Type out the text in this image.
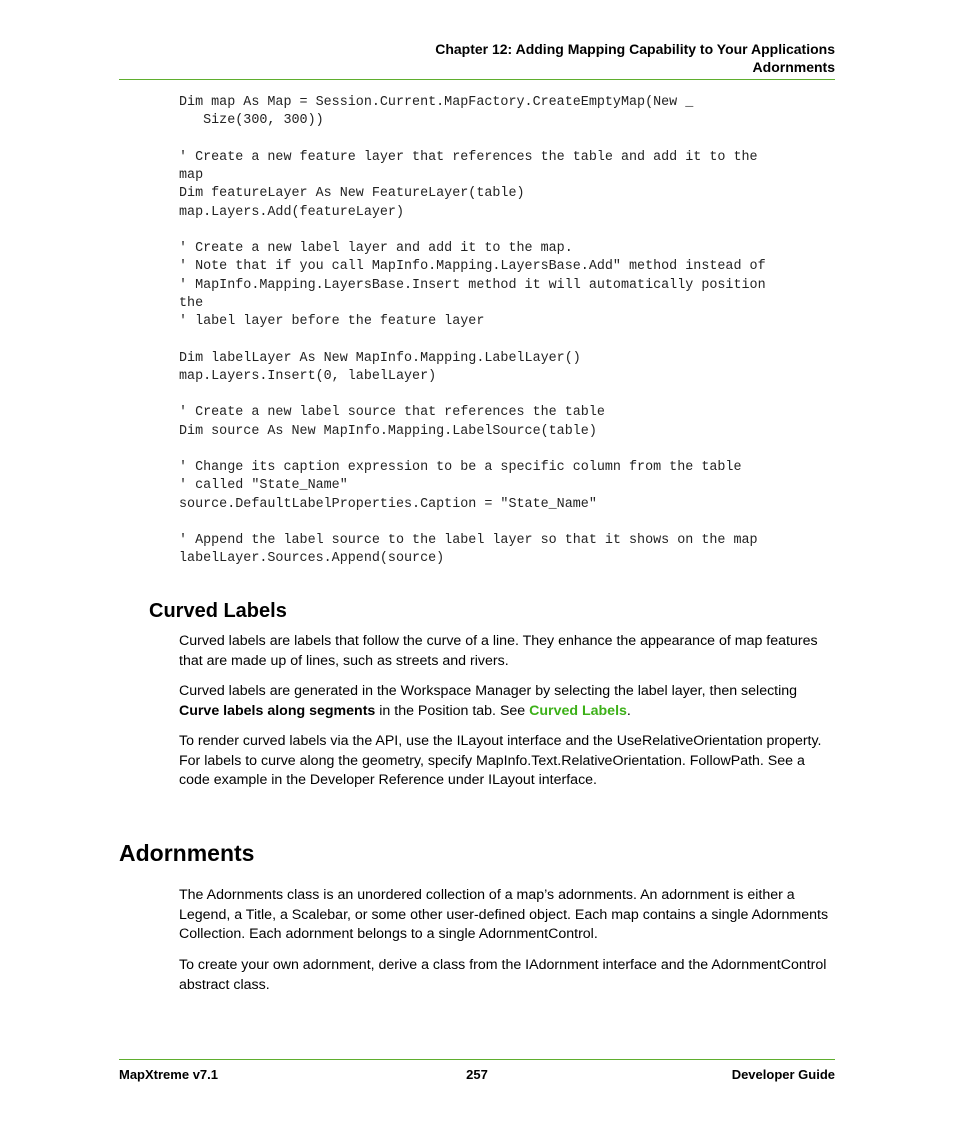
Chapter 12: Adding Mapping Capability to Your Applications
Adornments
Dim map As Map = Session.Current.MapFactory.CreateEmptyMap(New _
Size(300, 300))

' Create a new feature layer that references the table and add it to the
map
Dim featureLayer As New FeatureLayer(table)
map.Layers.Add(featureLayer)

' Create a new label layer and add it to the map.
' Note that if you call MapInfo.Mapping.LayersBase.Add" method instead of
' MapInfo.Mapping.LayersBase.Insert method it will automatically position
the
' label layer before the feature layer

Dim labelLayer As New MapInfo.Mapping.LabelLayer()
map.Layers.Insert(0, labelLayer)

' Create a new label source that references the table
Dim source As New MapInfo.Mapping.LabelSource(table)

' Change its caption expression to be a specific column from the table
' called "State_Name"
source.DefaultLabelProperties.Caption = "State_Name"

' Append the label source to the label layer so that it shows on the map
labelLayer.Sources.Append(source)
Curved Labels

Curved labels are labels that follow the curve of a line. They enhance the appearance of map features that are made up of lines, such as streets and rivers.

Curved labels are generated in the Workspace Manager by selecting the label layer, then selecting Curve labels along segments in the Position tab. See Curved Labels.

To render curved labels via the API, use the ILayout interface and the UseRelativeOrientation property. For labels to curve along the geometry, specify MapInfo.Text.RelativeOrientation. FollowPath. See a code example in the Developer Reference under ILayout interface.

Adornments

The Adornments class is an unordered collection of a map’s adornments. An adornment is either a Legend, a Title, a Scalebar, or some other user-defined object. Each map contains a single Adornments Collection. Each adornment belongs to a single AdornmentControl.

To create your own adornment, derive a class from the IAdornment interface and the AdornmentControl abstract class.

MapXtreme v7.1	257	Developer Guide
